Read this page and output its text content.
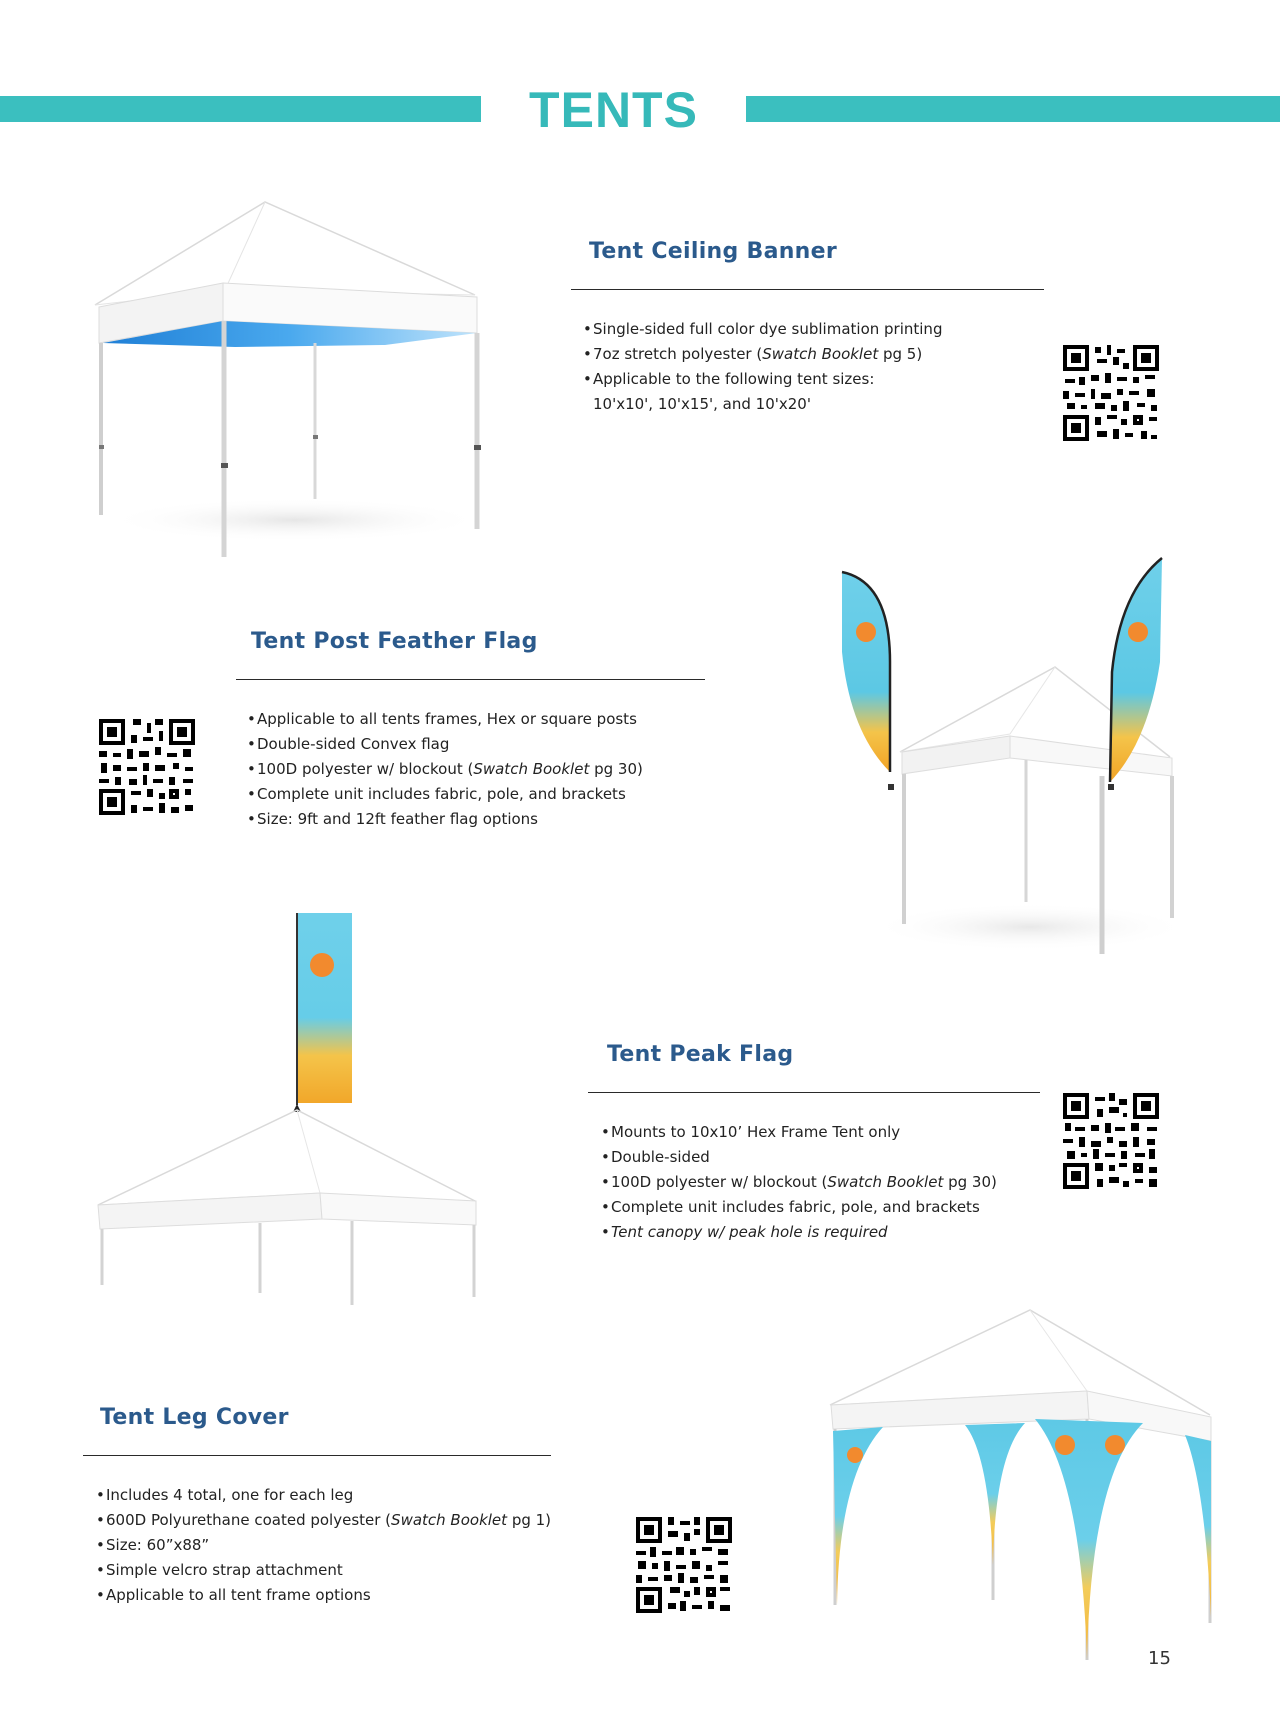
TENTS
Tent Ceiling Banner
• Single-sided full color dye sublimation printing
• 7oz stretch polyester (Swatch Booklet pg 5)
• Applicable to the following tent sizes:
10'x10', 10'x15', and 10'x20'
Tent Post Feather Flag
• Applicable to all tents frames, Hex or square posts
• Double-sided Convex flag
• 100D polyester w/ blockout (Swatch Booklet pg 30)
• Complete unit includes fabric, pole, and brackets
• Size: 9ft and 12ft feather flag options
Tent Peak Flag
• Mounts to 10x10’ Hex Frame Tent only
• Double-sided
• 100D polyester w/ blockout (Swatch Booklet pg 30)
• Complete unit includes fabric, pole, and brackets
• Tent canopy w/ peak hole is required
Tent Leg Cover
• Includes 4 total, one for each leg
• 600D Polyurethane coated polyester (Swatch Booklet pg 1)
• Size: 60”x88”
• Simple velcro strap attachment
• Applicable to all tent frame options
15
